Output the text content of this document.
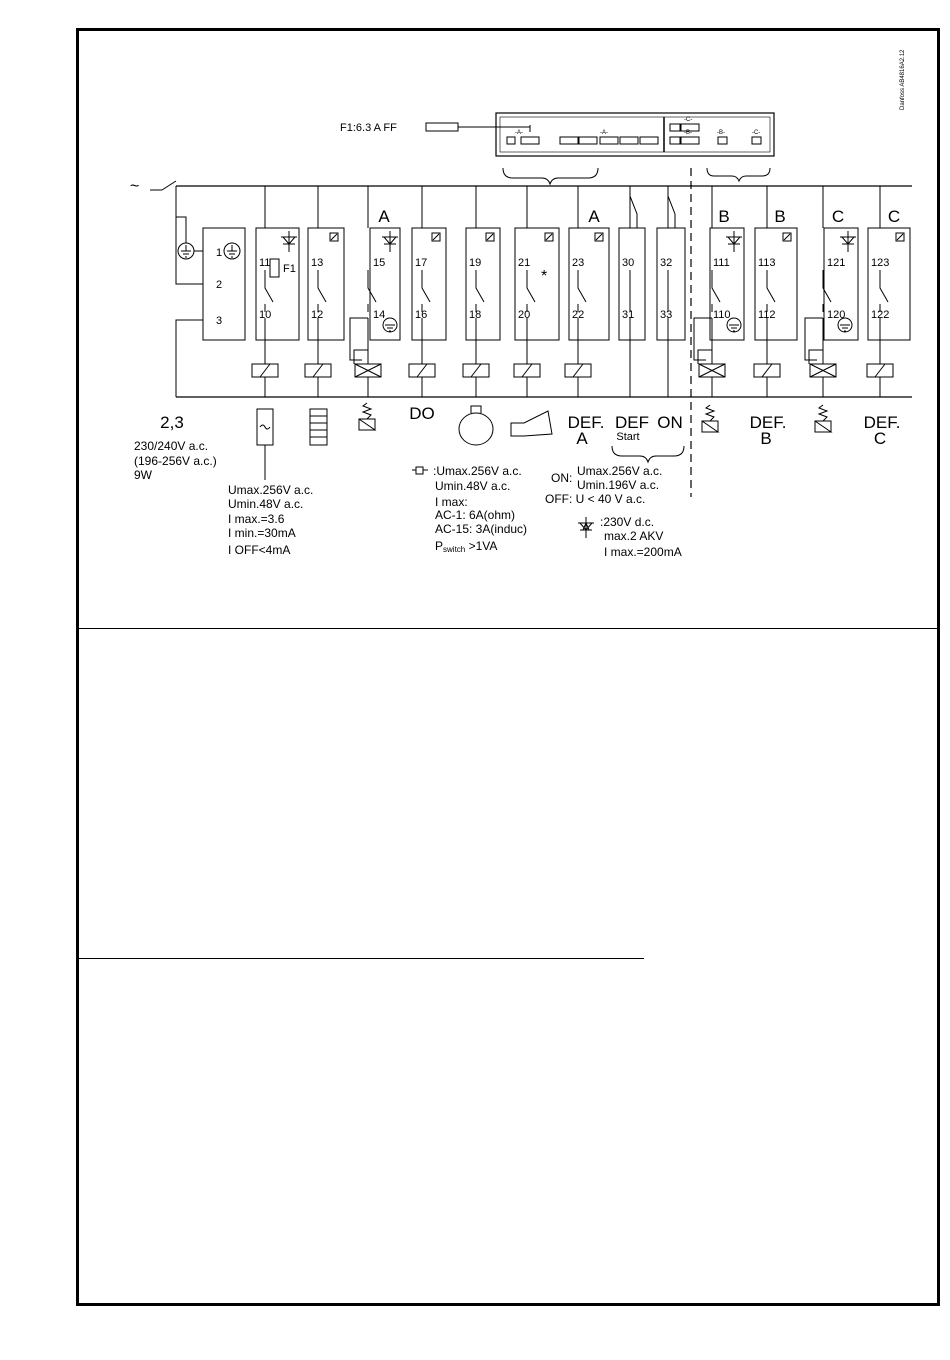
-A-	-A-
-C-
-B-	-B-	-C-
F1:6.3 A FF
Danfoss AB4816A2.12
~
1
2
3
11
10
13
12
15
14
17
16
19
18
21
20
23
22
30
31
32
33
111
110
113
112
121
120
123
122
A	A	B	B	C	C
F1	*
2,3
230/240V a.c.
(196-256V a.c.)
9W
DO	DEF.
A
DEF
Start
ON	DEF.
B
DEF.
C
Umax.256V a.c.
Umin.48V a.c.
I max.=3.6
I min.=30mA
I OFF<4mA
:Umax.256V a.c.
Umin.48V a.c.
I max:
AC-1: 6A(ohm)
AC-15: 3A(induc)
Pswitch >1VA
ON: Umax.256V a.c.
Umin.196V a.c.
OFF: U < 40 V a.c.
:230V d.c.
max.2 AKV
I max.=200mA
